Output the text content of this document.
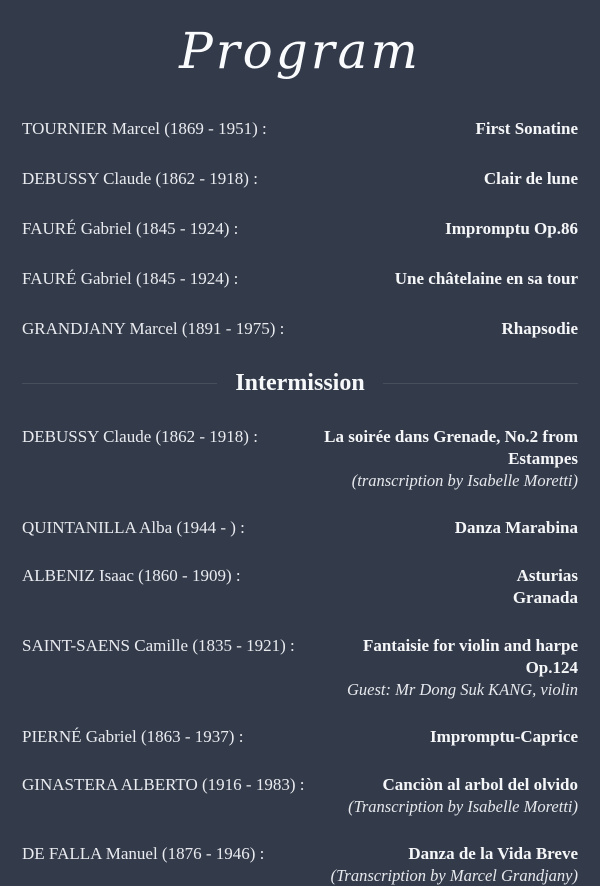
Program
TOURNIER Marcel (1869 - 1951) :	First Sonatine
DEBUSSY Claude (1862 - 1918) :	Clair de lune
FAURÉ Gabriel (1845 - 1924) :	Impromptu Op.86
FAURÉ Gabriel (1845 - 1924) :	Une châtelaine en sa tour
GRANDJANY Marcel (1891 - 1975) :	Rhapsodie
Intermission
DEBUSSY Claude (1862 - 1918) :	La soirée dans Grenade, No.2 from Estampes
(transcription by Isabelle Moretti)
QUINTANILLA Alba (1944 - ) :	Danza Marabina
ALBENIZ Isaac (1860 - 1909) :	Asturias
Granada
SAINT-SAENS Camille (1835 - 1921) :	Fantaisie for violin and harpe Op.124
Guest: Mr Dong Suk KANG, violin
PIERNÉ Gabriel (1863 - 1937) :	Impromptu-Caprice
GINASTERA ALBERTO (1916 - 1983) :	Canciòn al arbol del olvido
(Transcription by Isabelle Moretti)
DE FALLA Manuel (1876 - 1946) :	Danza de la Vida Breve
(Transcription by Marcel Grandjany)
